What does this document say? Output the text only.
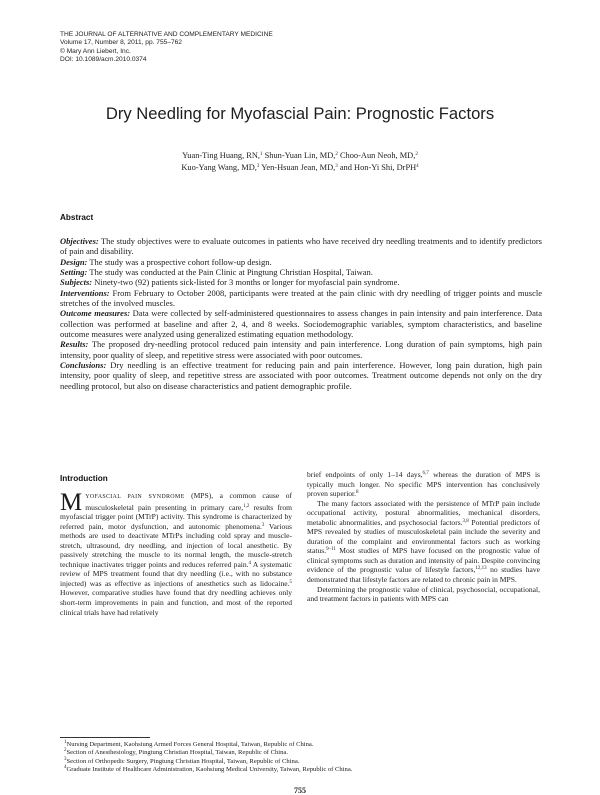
THE JOURNAL OF ALTERNATIVE AND COMPLEMENTARY MEDICINE
Volume 17, Number 8, 2011, pp. 755–762
© Mary Ann Liebert, Inc.
DOI: 10.1089/acm.2010.0374
Dry Needling for Myofascial Pain: Prognostic Factors
Yuan-Ting Huang, RN,$^1$ Shun-Yuan Lin, MD,$^2$ Choo-Aun Neoh, MD,$^2$
Kuo-Yang Wang, MD,$^3$ Yen-Hsuan Jean, MD,$^3$ and Hon-Yi Shi, DrPH$^4$
Abstract

Objectives: The study objectives were to evaluate outcomes in patients who have received dry needling treatments and to identify predictors of pain and disability.

Design: The study was a prospective cohort follow-up design.

Setting: The study was conducted at the Pain Clinic at Pingtung Christian Hospital, Taiwan.

Subjects: Ninety-two (92) patients sick-listed for 3 months or longer for myofascial pain syndrome.

Interventions: From February to October 2008, participants were treated at the pain clinic with dry needling of trigger points and muscle stretches of the involved muscles.

Outcome measures: Data were collected by self-administered questionnaires to assess changes in pain intensity and pain interference. Data collection was performed at baseline and after 2, 4, and 8 weeks. Sociodemographic variables, symptom characteristics, and baseline outcome measures were analyzed using generalized estimating equation methodology.

Results: The proposed dry-needling protocol reduced pain intensity and pain interference. Long duration of pain symptoms, high pain intensity, poor quality of sleep, and repetitive stress were associated with poor outcomes.

Conclusions: Dry needling is an effective treatment for reducing pain and pain interference. However, long pain duration, high pain intensity, poor quality of sleep, and repetitive stress are associated with poor outcomes. Treatment outcome depends not only on the dry needling protocol, but also on disease characteristics and patient demographic profile.

Introduction

MYOFASCIAL PAIN SYNDROME (MPS), a common cause of musculoskeletal pain presenting in primary care,$^{1,2}$ results from myofascial trigger point (MTrP) activity. This syndrome is characterized by referred pain, motor dysfunction, and autonomic phenomena.$^3$ Various methods are used to deactivate MTrPs including cold spray and muscle-stretch, ultrasound, dry needling, and injection of local anesthetic. By passively stretching the muscle to its normal length, the muscle-stretch technique inactivates trigger points and reduces referred pain.$^4$ A systematic review of MPS treatment found that dry needling (i.e., with no substance injected) was as effective as injections of anesthetics such as lidocaine.$^5$ However, comparative studies have found that dry needling achieves only short-term improvements in pain and function, and most of the reported clinical trials have had relatively

brief endpoints of only 1–14 days,$^{6,7}$ whereas the duration of MPS is typically much longer. No specific MPS intervention has conclusively proven superior.$^8$

The many factors associated with the persistence of MTrP pain include occupational activity, postural abnormalities, mechanical disorders, metabolic abnormalities, and psychosocial factors.$^{3,8}$ Potential predictors of MPS revealed by studies of musculoskeletal pain include the severity and duration of the complaint and environmental factors such as working status.$^{9-11}$ Most studies of MPS have focused on the prognostic value of clinical symptoms such as duration and intensity of pain. Despite convincing evidence of the prognostic value of lifestyle factors,$^{12,13}$ no studies have demonstrated that lifestyle factors are related to chronic pain in MPS.

Determining the prognostic value of clinical, psychosocial, occupational, and treatment factors in patients with MPS can

$^1$Nursing Department, Kaohsiung Armed Forces General Hospital, Taiwan, Republic of China.
$^2$Section of Anesthesiology, Pingtung Christian Hospital, Taiwan, Republic of China.
$^3$Section of Orthopedic Surgery, Pingtung Christian Hospital, Taiwan, Republic of China.
$^4$Graduate Institute of Healthcare Administration, Kaohsiung Medical University, Taiwan, Republic of China.
755
